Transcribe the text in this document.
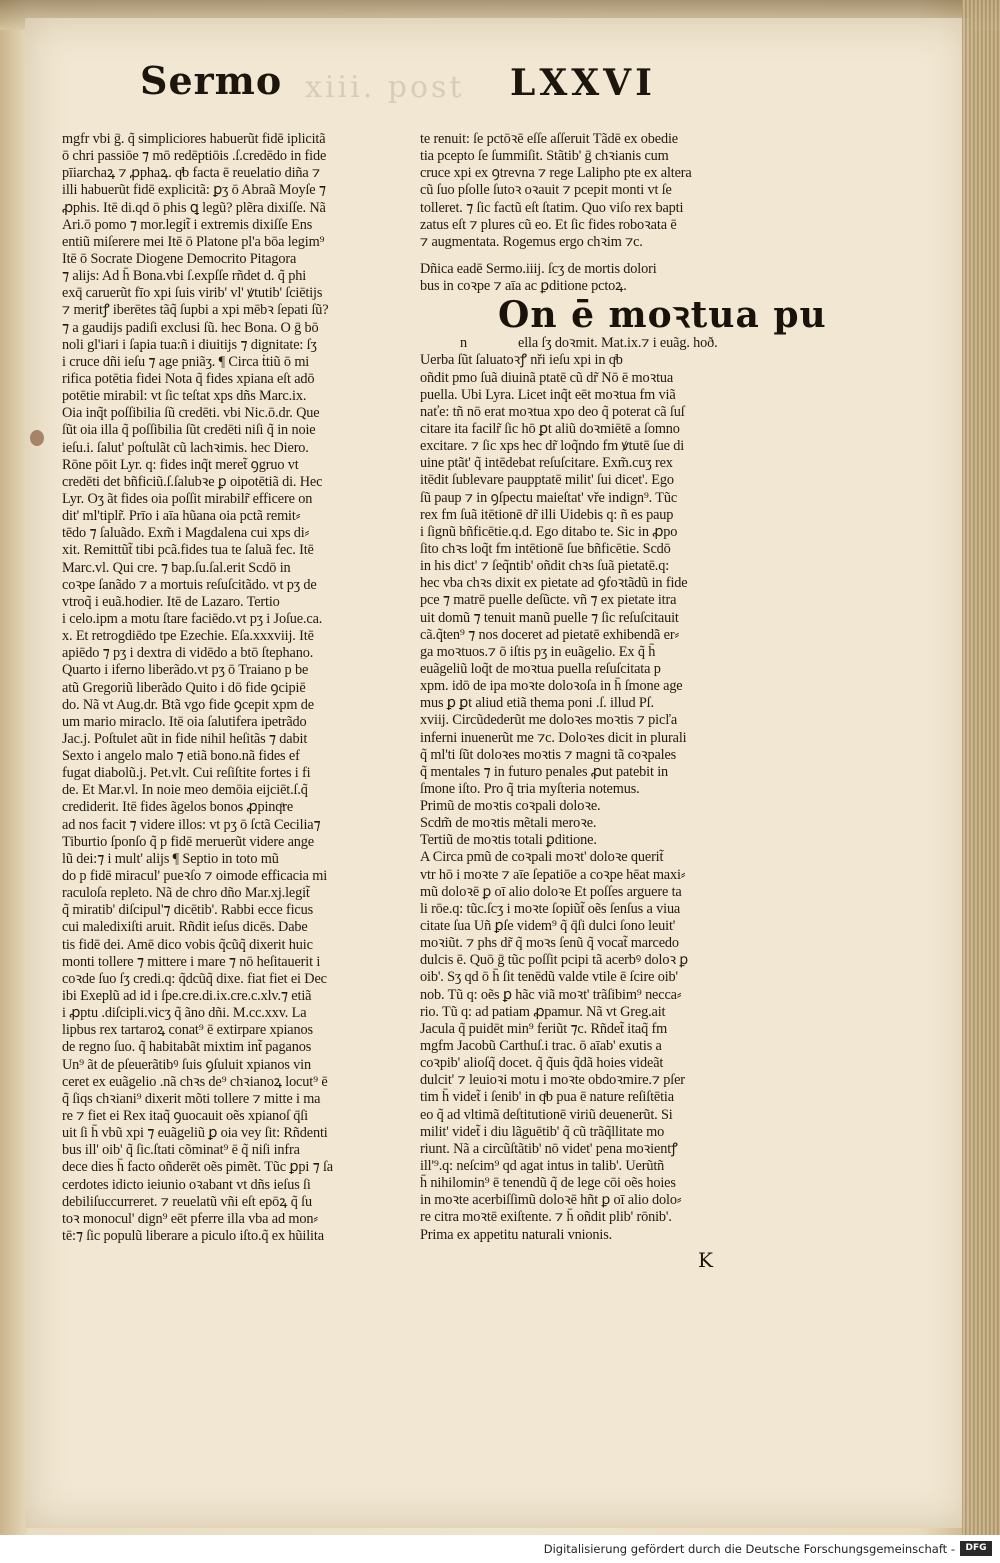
Sermo xiii. post LXXVI
mgfr vbi ḡ. q̃ simpliciores habuerũt fidē iplicitã
ō chri passiōe ⁊ mō redēptiōis .ſ.credēdo in fide
pīiarchaꝝ ⁊ ꝓphaꝝ. qͥb facta ē reuelatio diña ⁊
illi habuerũt fidē explicitã: ꝑʒ ō Abraã Moyſe ⁊
ꝓphis. Itē di.qd ō phis ꝗ legũ? plẽra dixiſſe. Nã
Ari.ō pomo ⁊ mor.legit̃ i extremis dixiſſe Ens
entiũ miſerere mei Itē ō Platone pl'a bōa legim⁹
Itē ō Socrate Diogene Democrito Pitagora
⁊ alijs: Ad h̄ Bona.vbi ſ.expſſe rñdet d. q̃ phi
exq̄ caruerũt fīo xpi ſuis virib' vl' ꝟtutib' ſciētijs
⁊ meritꝭ iberētes tãq̃ ſupbi a xpi mēbꝛ ſepati ſũ?
⁊ a gaudijs padiſi exclusi ſũ. hec Bona. O ḡ bō
noli gl'iari i ſapia tua:ñ i diuitijs ⁊ dignitate: ſʒ
i cruce dñi ieſu ⁊ age pniãʒ. ¶ Circa ṫtiũ ō mi
rifica potētia fidei Nota q̃ fides xpiana eſt adō
potētie mirabil: vt ſic teſtat xps dñs Marc.ix.
Oia inq̃t poſſibilia ſũ credēti. vbi Nic.ō.dr. Que
ſũt oia illa q̃ poſſibilia ſũt credēti niſi q̃ in noie
ieſu.i. ſalut' poſtulãt cũ lachꝛimis. hec Diero.
Rōne pōit Lyr. q: fides inq̃t meret̃ ꝯgruo vt
credēti det bñficiũ.ſ.ſalubꝛe ꝑ oipotētiã di. Hec
Lyr. Oʒ ãt fides oia poſſit mirabilr̃ efficere on
dit' ml'tiplr̃. Prīo i aīa hũana oia pctã remit⸗
tēdo ⁊ ſaluãdo. Exm̃ i Magdalena cui xps di⸗
xit. Remittũt̃ tibi pcã.fides tua te ſaluã fec. Itē
Marc.vl. Qui cre. ⁊ bap.ſu.ſal.erit Scdō in
coꝛpe ſanãdo ⁊ a mortuis reſuſcitãdo. vt pʒ de
vtroq̃ i euã.hodier. Itē de Lazaro. Tertio
i celo.ipm a motu ſtare faciēdo.vt pʒ i Joſue.ca.
x. Et retrogdiēdo tpe Ezechie. Eſa.xxxviij. Itē
apiēdo ⁊ pʒ i dextra di vidēdo a btō ſtephano.
Quarto i iferno liberãdo.vt pʒ ō Traiano p be
atũ Gregoriũ liberãdo Quito i dō fide ꝯcipiē
do. Nã vt Aug.dr. Btã vgo fide ꝯcepit xpm de
um mario miraclo. Itē oia ſalutifera ipetrãdo
Jac.j. Poſtulet aũt in fide nihil heſitãs ⁊ dabit
Sexto i angelo malo ⁊ etiã bono.nã fides ef
fugat diabolũ.j. Pet.vlt. Cui reſiſtite fortes i fi
de. Et Mar.vl. In noie meo demōia eijciēt.ſ.q̃
crediderit. Itē fides ãgelos bonos ꝓpinqͣre
ad nos facit ⁊ videre illos: vt pʒ ō ſctã Cecilia⁊
Tiburtio ſponſo q̃ p fidē meruerũt videre ange
lũ dei:⁊ i mult' alijs ¶ Septio in toto mũ
do p fidē miracul' pueꝛſo ⁊ oimode efficacia mi
raculoſa repleto. Nã de chro dño Mar.xj.legit̃
q̃ miratib' diſcipul'⁊ dicētib'. Rabbi ecce ficus
cui maledixiſti aruit. Rñdit ieſus dicēs. Dabe
tis fidē dei. Amē dico vobis q̃cũq̃ dixerit huic
monti tollere ⁊ mittere i mare ⁊ nō heſitauerit i
coꝛde ſuo ſʒ credi.q: q̃dcũq̃ dixe. fiat fiet ei Dec
ibi Exeplũ ad id i ſpe.cre.di.ix.cre.c.xlv.⁊ etiã
i ꝓptu .diſcipli.vicʒ q̃ ãno dñi. M.cc.xxv. La
lipbus rex tartaroꝝ conat⁹ ē extirpare xpianos
de regno ſuo. q̃ habitabãt mixtim int̃ paganos
Un⁹ ãt de pſeuerãtibꝰ ſuis ꝯſuluit xpianos vin
ceret ex euãgelio .nã chꝛs de⁹ chꝛianoꝝ locut⁹ ē
q̃ ſiqs chꝛiani⁹ dixerit mõti tollere ⁊ mitte i ma
re ⁊ fiet ei Rex itaq̃ ꝯuocauit oẽs xpianoſ q̄ſi
uit ſi h̄ vbũ xpi ⁊ euãgeliũ ꝑ oia vey ſit: Rñdenti
bus ill' oib' q̃ ſic.ſtati cõminat⁹ ē q̃ niſi infra
dece dies h̄ facto oñderēt oẽs pimẽt. Tũc ꝑpi ⁊ ſa
cerdotes idicto ieiunio oꝛabant vt dñs ieſus ſi
debiliſuccurreret. ⁊ reuelatũ vñi eſt epōꝝ q̃ ſu
toꝛ monocul' dign⁹ eēt pferre illa vba ad mon⸗
tē:⁊ ſic populũ liberare a piculo iſto.q̃ ex hũilita
te renuit: ſe pctōꝛē eſſe aſſeruit Tãdē ex obedie
tia pcepto ſe ſummiſit. Stãtib' ḡ chꝛianis cum
cruce xpi ex ꝯtrevna ⁊ rege Lalipho pte ex altera
cũ ſuo pſolle ſutoꝛ oꝛauit ⁊ pcepit monti vt ſe
tolleret. ⁊ ſic factũ eſt ſtatim. Quo viſo rex bapti
zatus eſt ⁊ plures cũ eo. Et ſic fides roboꝛata ē
⁊ augmentata. Rogemus ergo chꝛim ⁊c.
Dñica eadē Sermo.iiij. ſcʒ de mortis dolori
bus in coꝛpe ⁊ aīa ac ꝑditione pctoꝝ.
On ē moꝛtua pu
n	ella ſʒ doꝛmit. Mat.ix.⁊ i euãg. hoð.
Uerba ſũt ſaluatoꝛꝭ nři ieſu xpi in qͥb
oñdit pmo ſuã diuinã ptatē cũ dr̃ Nō ē moꝛtua
puella. Ubi Lyra. Licet inq̃t eēt moꝛtua fm viã
naťe: tñ nō erat moꝛtua xpo deo q̃ poterat cã ſuſ
citare ita facilr̃ ſic hō ꝑt aliũ doꝛmiētē a ſomno
excitare. ⁊ ſic xps hec dr̃ loq̃ndo fm ꝟtutē ſue di
uine ptãt' q̃ intēdebat reſuſcitare. Exm̃.cuʒ rex
itēdit ſublevare paupptatē milit' ſui dicet'. Ego
ſũ paup ⁊ in ꝯſpectu maieſtat' vře indign⁹. Tũc
rex fm ſuã itētionē dr̃ illi Uidebis q: ñ es paup
i ſignũ bñficētie.q.d. Ego ditabo te. Sic in ꝓpo
ſito chꝛs loq̃t fm intētionē ſue bñficētie. Scdō
in his dict' ⁊ ſeq̃ntib' oñdit chꝛs ſuã pietatē.q:
hec vba chꝛs dixit ex pietate ad ꝯfoꝛtãdũ in fide
pce ⁊ matrē puelle deſũcte. vñ ⁊ ex pietate itra
uit domũ ⁊ tenuit manũ puelle ⁊ ſic reſuſcitauit
cã.q̃ten⁹ ⁊ nos doceret ad pietatē exhibendã er⸗
ga moꝛtuos.⁊ ō iſtis pʒ in euãgelio. Ex q̃ h̄
euãgeliũ loq̃t de moꝛtua puella reſuſcitata p
xpm. idō de ipa moꝛte doloꝛoſa in h̄ ſmone age
mus ꝑ ꝑt aliud etiã thema poni .ſ. illud Pſ.
xviij. Circũdederũt me doloꝛes moꝛtis ⁊ picľa
inferni inuenerũt me ⁊c. Doloꝛes dicit in plurali
q̃ ml'ti ſũt doloꝛes moꝛtis ⁊ magni tã coꝛpales
q̃ mentales ⁊ in futuro penales ꝓut patebit in
ſmone iſto. Pro q̃ tria myſteria notemus.
Primũ de moꝛtis coꝛpali doloꝛe.
Scdm̃ de moꝛtis mẽtali meroꝛe.
Tertiũ de moꝛtis totali ꝑditione.
A Circa pmũ de coꝛpali moꝛt' doloꝛe querit̃
vtr hō i moꝛte ⁊ aīe ſepatiōe a coꝛpe hēat maxi⸗
mũ doloꝛē ꝑ oī alio doloꝛe Et poſſes arguere ta
li rōe.q: tũc.ſcʒ i moꝛte ſopiũt̃ oẽs ſenſus a viua
citate ſua Uñ ꝑſe videm⁹ q̃ q̄ſi dulci ſono leuit'
moꝛiũt. ⁊ phs dr̃ q̃ moꝛs ſenũ q̃ vocat̃ marcedo
dulcis ē. Quō ḡ tũc poſſit pcipi tã acerbꝰ doloꝛ ꝑ
oib'. Sʒ qd ō h̄ ſit tenēdũ valde vtile ē ſcire oib'
nob. Tũ q: oẽs ꝑ hãc viã moꝛt' trãſibim⁹ necca⸗
rio. Tũ q: ad patiam ꝓpamur. Nã vt Greg.ait
Jacula q̃ puidēt min⁹ feriũt ⁊c. Rñdet̃ itaq̃ fm
mgfm Jacobũ Carthuſ.i trac. ō aīab' exutis a
coꝛpib' alioſq̃ docet. q̃ q̃uis q̃dã hoies videãt
dulcit' ⁊ leuioꝛi motu i moꝛte obdoꝛmire.⁊ pſer
tim h̄ videt̃ i ſenib' in qͥb pua ē nature reſiſtētia
eo q̃ ad vltimã deſtitutionē viriũ deuenerũt. Si
milit' videt̃ i diu lãguētib' q̃ cũ trãq̃llitate mo
riunt. Nã a circũſtãtib' nō videt' pena moꝛientꝭ
ill'⁹.q: neſcim⁹ qd agat intus in talib'. Uerũtñ
h̄ nihilomin⁹ ē tenendũ q̃ de lege cōi oẽs hoies
in moꝛte acerbiſſimũ doloꝛē hñt ꝑ oī alio dolo⸗
re citra moꝛtē exiſtente. ⁊ h̄ oñdit plib' rōnib'.
Prima ex appetitu naturali vnionis.
K
Digitalisierung gefördert durch die Deutsche Forschungsgemeinschaft -	DFG
